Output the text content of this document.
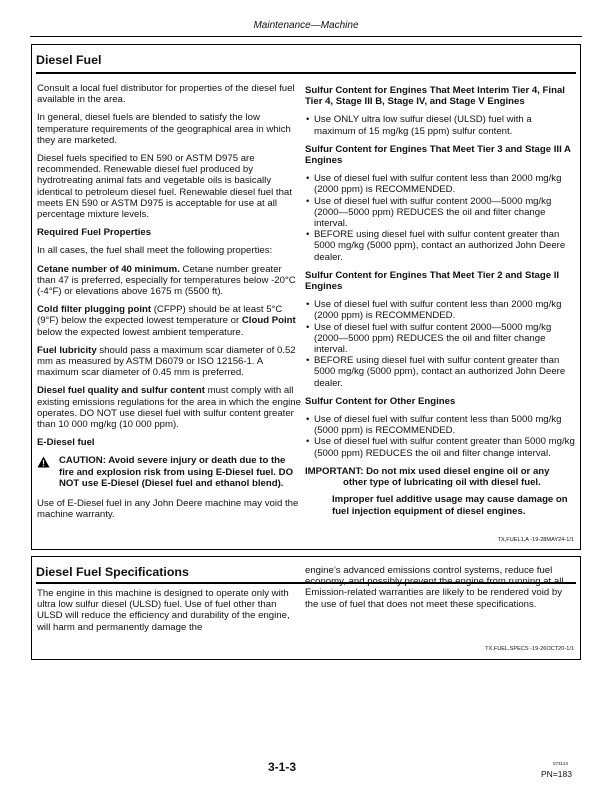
Maintenance—Machine
Diesel Fuel

Consult a local fuel distributor for properties of the diesel fuel available in the area.

In general, diesel fuels are blended to satisfy the low temperature requirements of the geographical area in which they are marketed.

Diesel fuels specified to EN 590 or ASTM D975 are recommended. Renewable diesel fuel produced by hydrotreating animal fats and vegetable oils is basically identical to petroleum diesel fuel. Renewable diesel fuel that meets EN 590 or ASTM D975 is acceptable for use at all percentage mixture levels.

Required Fuel Properties

In all cases, the fuel shall meet the following properties:

Cetane number of 40 minimum. Cetane number greater than 47 is preferred, especially for temperatures below -20°C (-4°F) or elevations above 1675 m (5500 ft).

Cold filter plugging point (CFPP) should be at least 5°C (9°F) below the expected lowest temperature or Cloud Point below the expected lowest ambient temperature.

Fuel lubricity should pass a maximum scar diameter of 0.52 mm as measured by ASTM D6079 or ISO 12156-1. A maximum scar diameter of 0.45 mm is preferred.

Diesel fuel quality and sulfur content must comply with all existing emissions regulations for the area in which the engine operates. DO NOT use diesel fuel with sulfur content greater than 10 000 mg/kg (10 000 ppm).

E-Diesel fuel

CAUTION: Avoid severe injury or death due to the fire and explosion risk from using E-Diesel fuel. DO NOT use E-Diesel (Diesel fuel and ethanol blend).

Use of E-Diesel fuel in any John Deere machine may void the machine warranty.

Sulfur Content for Engines That Meet Interim Tier 4, Final Tier 4, Stage III B, Stage IV, and Stage V Engines

• Use ONLY ultra low sulfur diesel (ULSD) fuel with a maximum of 15 mg/kg (15 ppm) sulfur content.

Sulfur Content for Engines That Meet Tier 3 and Stage III A Engines

• Use of diesel fuel with sulfur content less than 2000 mg/kg (2000 ppm) is RECOMMENDED.
• Use of diesel fuel with sulfur content 2000—5000 mg/kg (2000—5000 ppm) REDUCES the oil and filter change interval.
• BEFORE using diesel fuel with sulfur content greater than 5000 mg/kg (5000 ppm), contact an authorized John Deere dealer.

Sulfur Content for Engines That Meet Tier 2 and Stage II Engines

• Use of diesel fuel with sulfur content less than 2000 mg/kg (2000 ppm) is RECOMMENDED.
• Use of diesel fuel with sulfur content 2000—5000 mg/kg (2000—5000 ppm) REDUCES the oil and filter change interval.
• BEFORE using diesel fuel with sulfur content greater than 5000 mg/kg (5000 ppm), contact an authorized John Deere dealer.

Sulfur Content for Other Engines

• Use of diesel fuel with sulfur content less than 5000 mg/kg (5000 ppm) is RECOMMENDED.
• Use of diesel fuel with sulfur content greater than 5000 mg/kg (5000 ppm) REDUCES the oil and filter change interval.
IMPORTANT: Do not mix used diesel engine oil or any other type of lubricating oil with diesel fuel.
Improper fuel additive usage may cause damage on fuel injection equipment of diesel engines.
TX,FUEL1,A -19-28MAY24-1/1
Diesel Fuel Specifications

The engine in this machine is designed to operate only with ultra low sulfur diesel (ULSD) fuel. Use of fuel other than ULSD will reduce the efficiency and durability of the engine, will harm and permanently damage the

engine’s advanced emissions control systems, reduce fuel economy, and possibly prevent the engine from running at all. Emission-related warranties are likely to be rendered void by the use of fuel that does not meet these specifications.

TX,FUEL,SPECS -19-26OCT20-1/1
3-1-3	073124
PN=183
